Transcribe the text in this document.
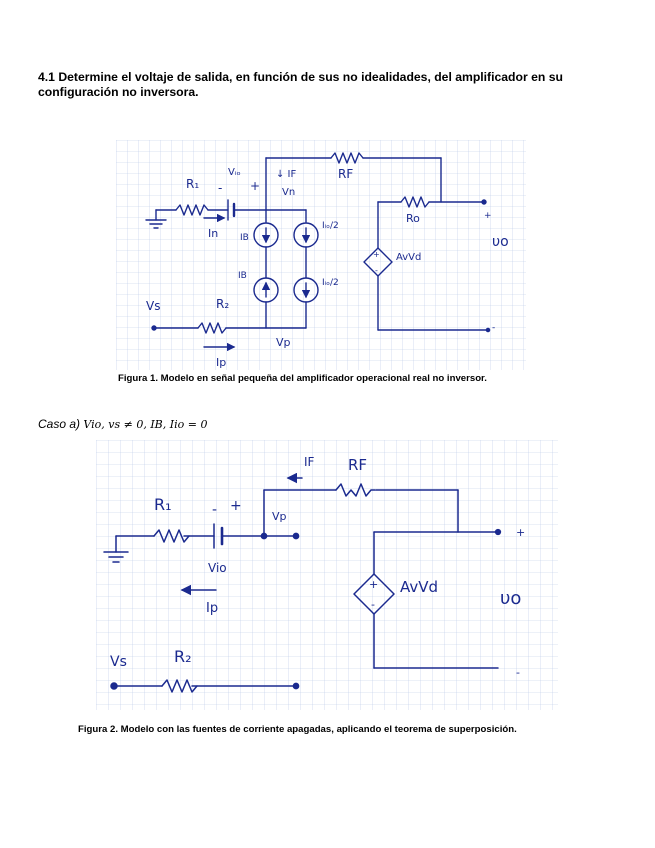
4.1 Determine el voltaje de salida, en función de sus no idealidades, del amplificador en su configuración no inversora.

R₁ -
Vᵢₒ
+
↓ IF
Vn
RF
Ro
In IB
Iᵢₒ/2
+
-
AvVd
υo
+
-
IB
Iᵢₒ/2
Vs	R₂
Vp
Ip

Figura 1. Modelo en señal pequeña del amplificador operacional real no inversor.

Caso a) Vio, vs ≠ 0, IB, Iio = 0

R₁	- +
Vio
Vp
IF RF
Ip
+
-
AvVd
υo
+
-
Vs	R₂

Figura 2. Modelo con las fuentes de corriente apagadas, aplicando el teorema de superposición.
